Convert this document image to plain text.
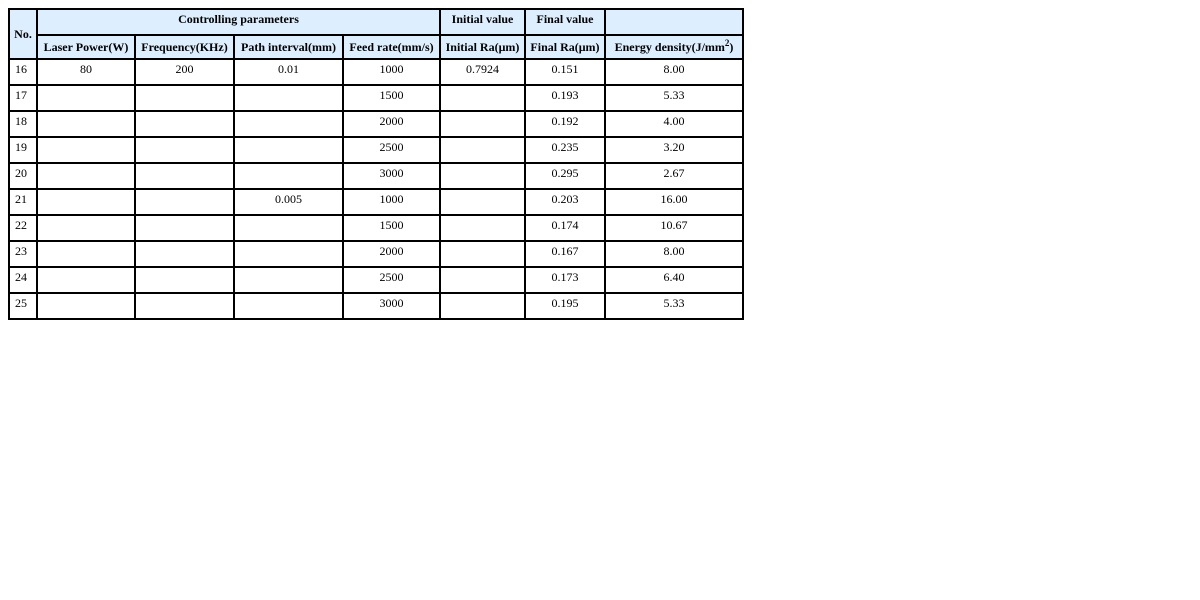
No.	Controlling parameters				Initial value	Final value	
	Laser Power(W)	Frequency(KHz)	Path interval(mm)	Feed rate(mm/s)	Initial Ra(μm)	Final Ra(μm)	Energy $density(J/mm^2)$
16	80	200	0.01	1000	0.7924	0.151	8.00
17				1500		0.193	5.33
18				2000		0.192	4.00
19				2500		0.235	3.20
20				3000		0.295	2.67
21			0.005	1000		0.203	16.00
22				1500		0.174	10.67
23				2000		0.167	8.00
24				2500		0.173	6.40
25				3000		0.195	5.33
